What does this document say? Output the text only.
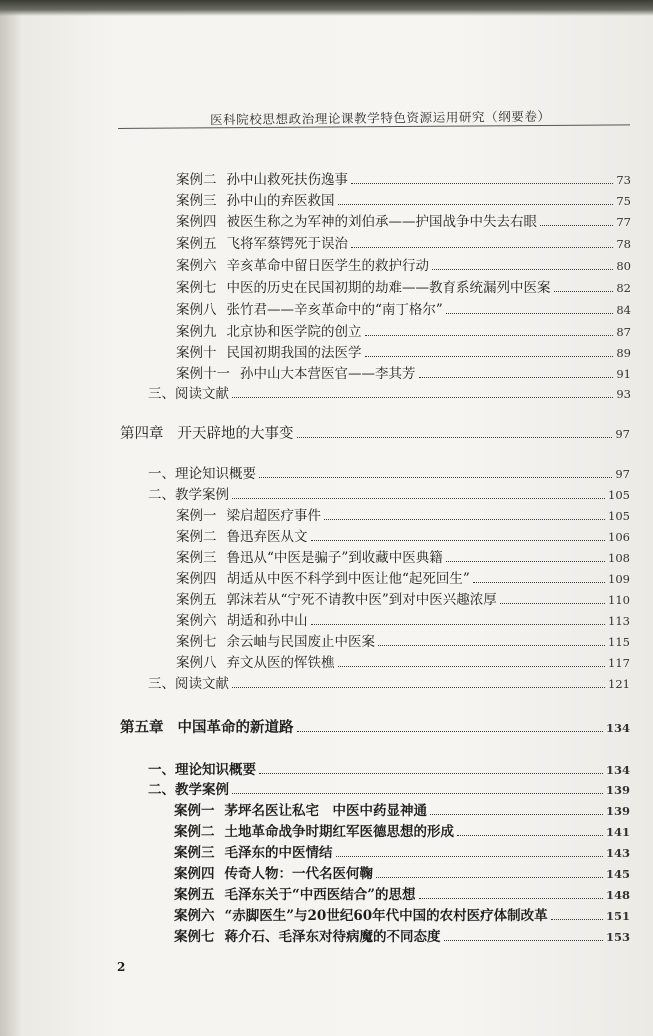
医科院校思想政治理论课教学特色资源运用研究（纲要卷）
案例二 孙中山救死扶伤逸事	73
案例三 孙中山的弃医救国	75
案例四 被医生称之为军神的刘伯承——护国战争中失去右眼	77
案例五 飞将军蔡锷死于误治	78
案例六 辛亥革命中留日医学生的救护行动	80
案例七 中医的历史在民国初期的劫难——教育系统漏列中医案	82
案例八 张竹君——辛亥革命中的“南丁格尔”	84
案例九 北京协和医学院的创立	87
案例十 民国初期我国的法医学	89
案例十一 孙中山大本营医官——李其芳	91
三、阅读文献	93
第四章 开天辟地的大事变	97
一、理论知识概要	97
二、教学案例	105
案例一 梁启超医疗事件	105
案例二 鲁迅弃医从文	106
案例三 鲁迅从“中医是骗子”到收藏中医典籍	108
案例四 胡适从中医不科学到中医让他“起死回生”	109
案例五 郭沫若从“宁死不请教中医”到对中医兴趣浓厚	110
案例六 胡适和孙中山	113
案例七 余云岫与民国废止中医案	115
案例八 弃文从医的恽铁樵	117
三、阅读文献	121
第五章 中国革命的新道路	134
一、理论知识概要	134
二、教学案例	139
案例一 茅坪名医让私宅　中医中药显神通	139
案例二 土地革命战争时期红军医德思想的形成	141
案例三 毛泽东的中医情结	143
案例四 传奇人物：一代名医何鞠	145
案例五 毛泽东关于“中西医结合”的思想	148
案例六 “赤脚医生”与20世纪60年代中国的农村医疗体制改革	151
案例七 蒋介石、毛泽东对待病魔的不同态度	153
2
